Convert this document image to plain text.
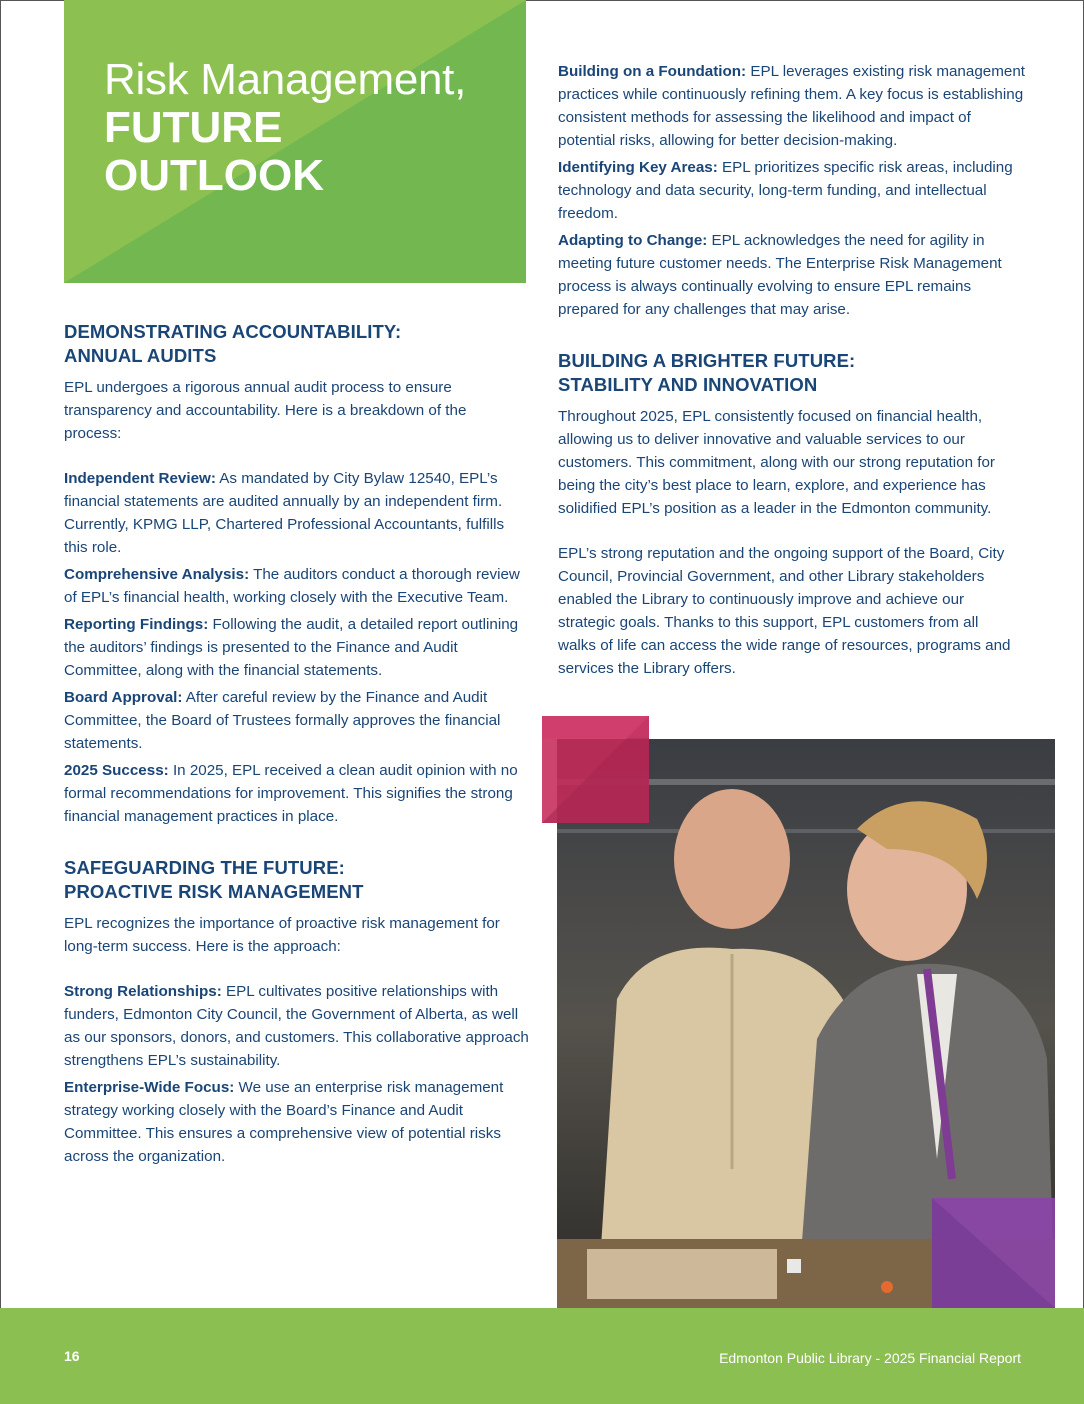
Risk Management,
FUTURE OUTLOOK
DEMONSTRATING ACCOUNTABILITY:
ANNUAL AUDITS

EPL undergoes a rigorous annual audit process to ensure transparency and accountability. Here is a breakdown of the process:

Independent Review: As mandated by City Bylaw 12540, EPL’s financial statements are audited annually by an independent firm. Currently, KPMG LLP, Chartered Professional Accountants, fulfills this role.

Comprehensive Analysis: The auditors conduct a thorough review of EPL’s financial health, working closely with the Executive Team.

Reporting Findings: Following the audit, a detailed report outlining the auditors’ findings is presented to the Finance and Audit Committee, along with the financial statements.

Board Approval: After careful review by the Finance and Audit Committee, the Board of Trustees formally approves the financial statements.

2025 Success: In 2025, EPL received a clean audit opinion with no formal recommendations for improvement. This signifies the strong financial management practices in place.

SAFEGUARDING THE FUTURE:
PROACTIVE RISK MANAGEMENT

EPL recognizes the importance of proactive risk management for long-term success. Here is the approach:

Strong Relationships: EPL cultivates positive relationships with funders, Edmonton City Council, the Government of Alberta, as well as our sponsors, donors, and customers. This collaborative approach strengthens EPL’s sustainability.

Enterprise-Wide Focus: We use an enterprise risk management strategy working closely with the Board’s Finance and Audit Committee. This ensures a comprehensive view of potential risks across the organization.

Building on a Foundation: EPL leverages existing risk management practices while continuously refining them. A key focus is establishing consistent methods for assessing the likelihood and impact of potential risks, allowing for better decision-making.

Identifying Key Areas: EPL prioritizes specific risk areas, including technology and data security, long-term funding, and intellectual freedom.

Adapting to Change: EPL acknowledges the need for agility in meeting future customer needs. The Enterprise Risk Management process is always continually evolving to ensure EPL remains prepared for any challenges that may arise.

BUILDING A BRIGHTER FUTURE:
STABILITY AND INNOVATION

Throughout 2025, EPL consistently focused on financial health, allowing us to deliver innovative and valuable services to our customers. This commitment, along with our strong reputation for being the city’s best place to learn, explore, and experience has solidified EPL’s position as a leader in the Edmonton community.

EPL’s strong reputation and the ongoing support of the Board, City Council, Provincial Government, and other Library stakeholders enabled the Library to continuously improve and achieve our strategic goals. Thanks to this support, EPL customers from all walks of life can access the wide range of resources, programs and services the Library offers.

16	Edmonton Public Library - 2025 Financial Report
